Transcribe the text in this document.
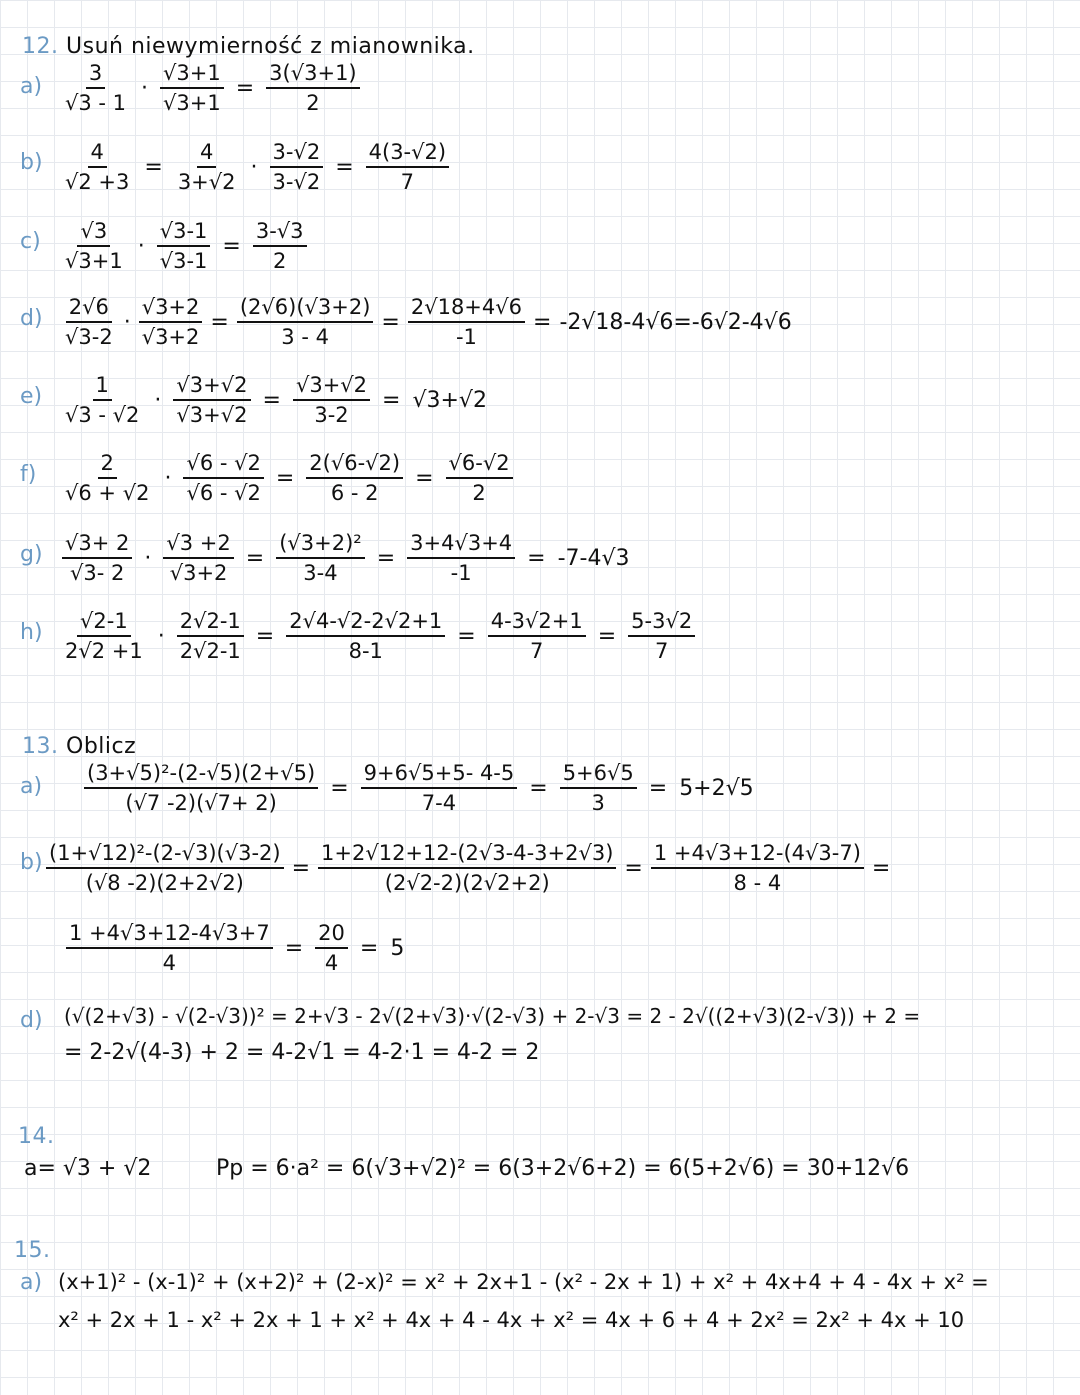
12. Usuń niewymierność z mianownika.
$a) \frac{3}{√3 - 1} \cdot \frac{√3+1}{√3+1} = \frac{3(√3+1)}{2}$
$b) \frac{4}{√2 +3} = \frac{4}{3+√2} \cdot \frac{3-√2}{3-√2} = \frac{4(3-√2)}{7}$
$c) \frac{√3}{√3+1} \cdot \frac{√3-1}{√3-1} = \frac{3-√3}{2}$
$d) \frac{2√6}{√3-2} \cdot \frac{√3+2}{√3+2} = \frac{(2√6)(√3+2)}{3 - 4} = \frac{2√18+4√6}{-1} = -2√18-4√6=-6√2-4√6$
$e) \frac{1}{√3 - √2} \cdot \frac{√3+√2}{√3+√2} = \frac{√3+√2}{3-2} = √3+√2$
$f) \frac{2}{√6 + √2} \cdot \frac{√6 - √2}{√6 - √2} = \frac{2(√6-√2)}{6 - 2} = \frac{√6-√2}{2}$
$g) \frac{√3+ 2}{√3- 2} \cdot \frac{√3 +2}{√3+2} = \frac{\text{(√3+2)²}}{3-4} = \frac{3+4√3+4}{-1} = -7-4√3$
$h) \frac{√2-1}{2√2 +1} \cdot \frac{2√2-1}{2√2-1} = \frac{2√4-√2-2√2+1}{8-1} = \frac{4-3√2+1}{7} = \frac{5-3√2}{7}$
13. Oblicz
$a) \frac{\text{(3+√5)²-(2-√5)(2+√5)}}{(√7 -2)(√7+ 2)} = \frac{9+6√5+5- 4-5}{7-4} = \frac{5+6√5}{3} = 5+2√5$
$b) \frac{\text{(1+√12)²-(2-√3)(√3-2)}}{(√8 -2)(2+2√2)} = \frac{1+2√12+12-(2√3-4-3+2√3)}{(2√2-2)(2√2+2)} = \frac{1 +4√3+12-(4√3-7)}{8 - 4}$ =
$\frac{1 +4√3+12-4√3+7}{4} = \frac{20}{4} = 5$
d) (√(2+√3) - √(2-√3))² = 2+√3 - 2√(2+√3)·√(2-√3) + 2-√3 = 2 - 2√((2+√3)(2-√3)) + 2 =
= 2-2√(4-3) + 2 = 4-2√1 = 4-2·1 = 4-2 = 2
14.
a= √3 + √2	Pp = 6·a² = 6(√3+√2)² = 6(3+2√6+2) = 6(5+2√6) = 30+12√6
15.
a) (x+1)² - (x-1)² + (x+2)² + (2-x)² = x² + 2x+1 - (x² - 2x + 1) + x² + 4x+4 + 4 - 4x + x² =
x² + 2x + 1 - x² + 2x + 1 + x² + 4x + 4 - 4x + x² = 4x + 6 + 4 + 2x² = 2x² + 4x + 10
